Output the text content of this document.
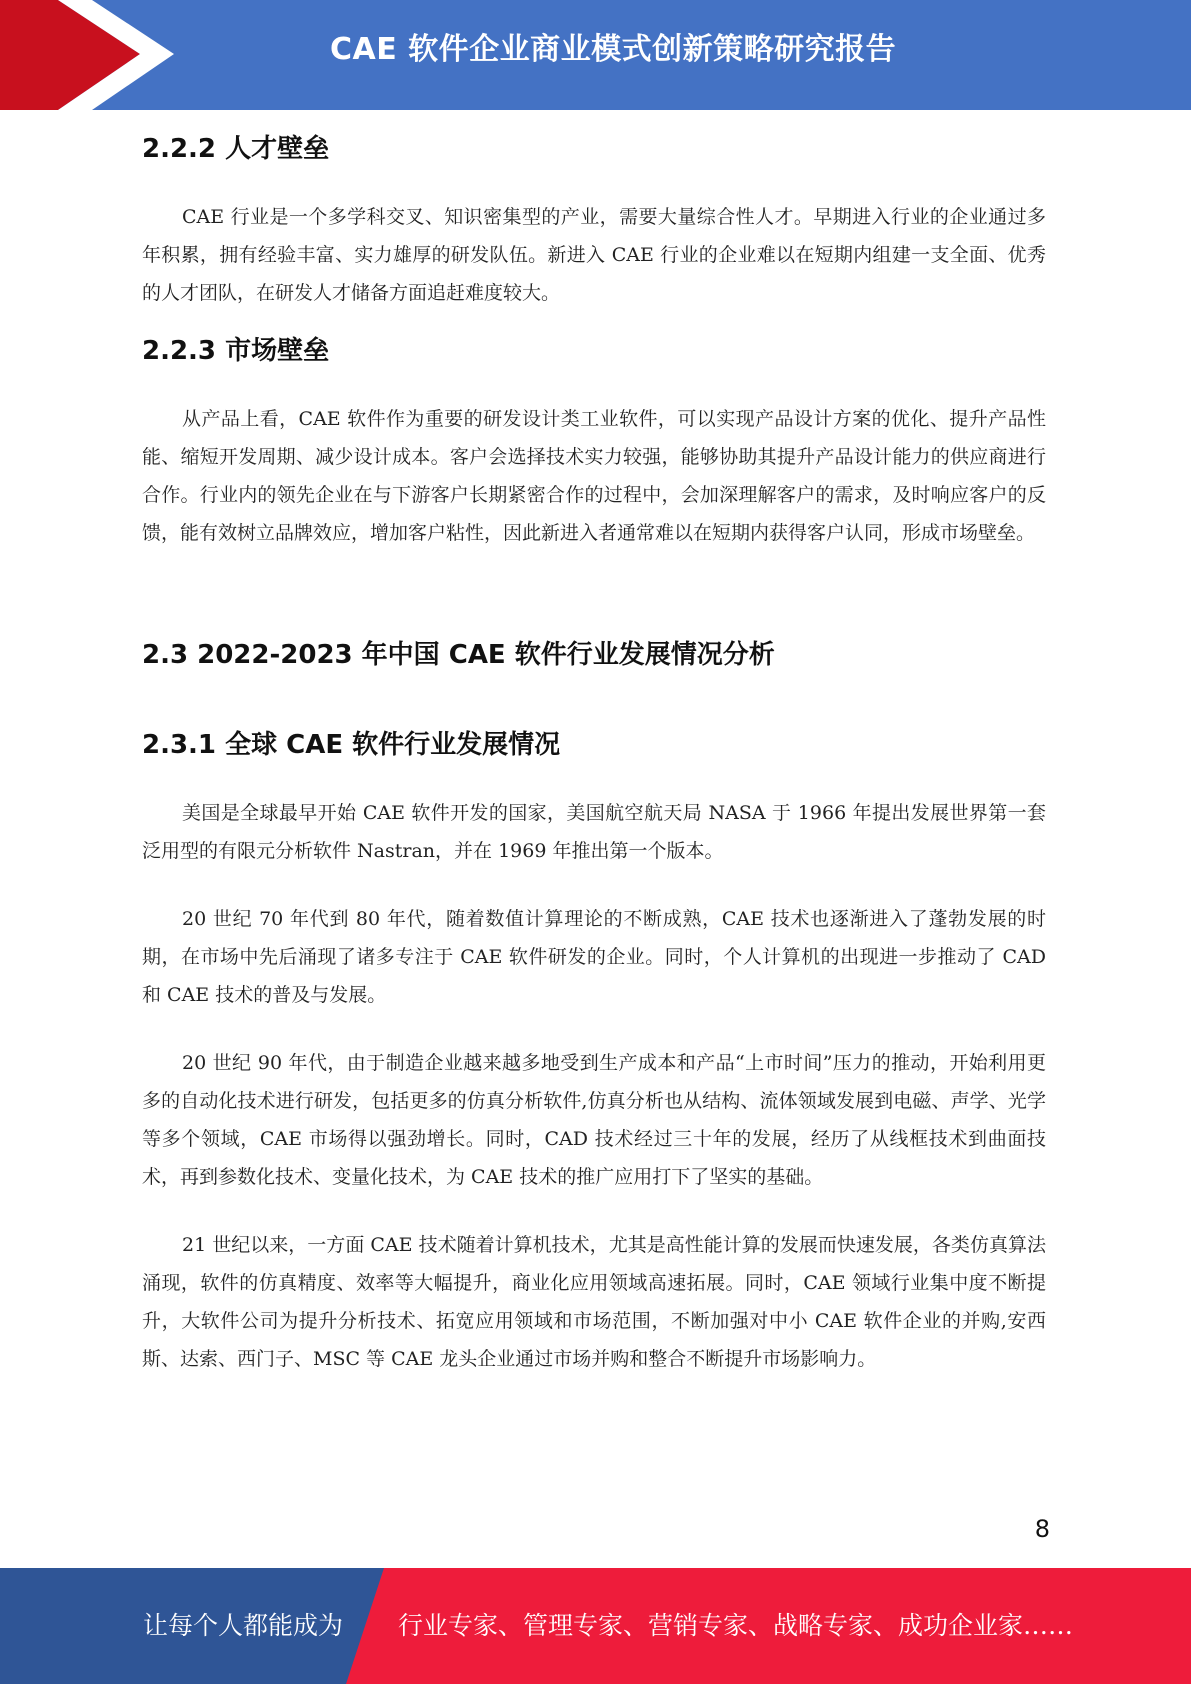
CAE 软件企业商业模式创新策略研究报告
2.2.2 人才壁垒

CAE 行业是一个多学科交叉、知识密集型的产业，需要大量综合性人才。早期进入行业的企业通过多年积累，拥有经验丰富、实力雄厚的研发队伍。新进入 CAE 行业的企业难以在短期内组建一支全面、优秀的人才团队，在研发人才储备方面追赶难度较大。

2.2.3 市场壁垒

从产品上看，CAE 软件作为重要的研发设计类工业软件，可以实现产品设计方案的优化、提升产品性能、缩短开发周期、减少设计成本。客户会选择技术实力较强，能够协助其提升产品设计能力的供应商进行合作。行业内的领先企业在与下游客户长期紧密合作的过程中，会加深理解客户的需求，及时响应客户的反馈，能有效树立品牌效应，增加客户粘性，因此新进入者通常难以在短期内获得客户认同，形成市场壁垒。

2.3 2022-2023 年中国 CAE 软件行业发展情况分析
2.3.1 全球 CAE 软件行业发展情况

美国是全球最早开始 CAE 软件开发的国家，美国航空航天局 NASA 于 1966 年提出发展世界第一套泛用型的有限元分析软件 Nastran，并在 1969 年推出第一个版本。

20 世纪 70 年代到 80 年代，随着数值计算理论的不断成熟，CAE 技术也逐渐进入了蓬勃发展的时期，在市场中先后涌现了诸多专注于 CAE 软件研发的企业。同时，个人计算机的出现进一步推动了 CAD 和 CAE 技术的普及与发展。

20 世纪 90 年代，由于制造企业越来越多地受到生产成本和产品“上市时间”压力的推动，开始利用更多的自动化技术进行研发，包括更多的仿真分析软件,仿真分析也从结构、流体领域发展到电磁、声学、光学等多个领域，CAE 市场得以强劲增长。同时，CAD 技术经过三十年的发展，经历了从线框技术到曲面技术，再到参数化技术、变量化技术，为 CAE 技术的推广应用打下了坚实的基础。

21 世纪以来，一方面 CAE 技术随着计算机技术，尤其是高性能计算的发展而快速发展，各类仿真算法涌现，软件的仿真精度、效率等大幅提升，商业化应用领域高速拓展。同时，CAE 领域行业集中度不断提升，大软件公司为提升分析技术、拓宽应用领域和市场范围，不断加强对中小 CAE 软件企业的并购,安西斯、达索、西门子、MSC 等 CAE 龙头企业通过市场并购和整合不断提升市场影响力。

8
让每个人都能成为 行业专家、管理专家、营销专家、战略专家、成功企业家……
